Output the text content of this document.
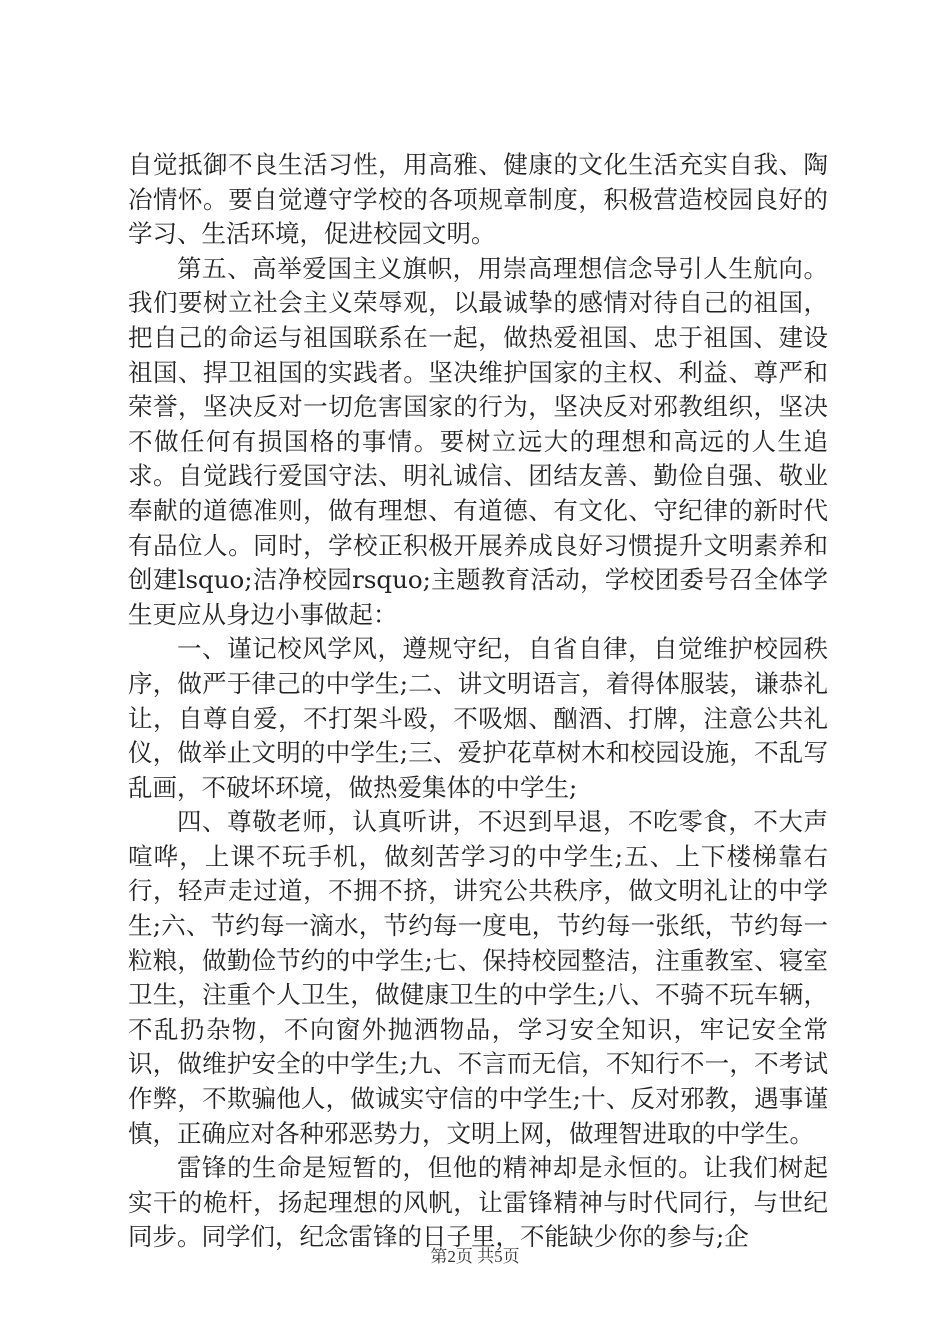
自觉抵御不良生活习性，用高雅、健康的文化生活充实自我、陶冶情怀。要自觉遵守学校的各项规章制度，积极营造校园良好的学习、生活环境，促进校园文明。

第五、高举爱国主义旗帜，用崇高理想信念导引人生航向。我们要树立社会主义荣辱观，以最诚挚的感情对待自己的祖国，把自己的命运与祖国联系在一起，做热爱祖国、忠于祖国、建设祖国、捍卫祖国的实践者。坚决维护国家的主权、利益、尊严和荣誉，坚决反对一切危害国家的行为，坚决反对邪教组织，坚决不做任何有损国格的事情。要树立远大的理想和高远的人生追求。自觉践行爱国守法、明礼诚信、团结友善、勤俭自强、敬业奉献的道德准则，做有理想、有道德、有文化、守纪律的新时代有品位人。同时，学校正积极开展养成良好习惯提升文明素养和创建lsquo;洁净校园rsquo;主题教育活动，学校团委号召全体学生更应从身边小事做起：

一、谨记校风学风，遵规守纪，自省自律，自觉维护校园秩序，做严于律己的中学生;二、讲文明语言，着得体服装，谦恭礼让，自尊自爱，不打架斗殴，不吸烟、酗酒、打牌，注意公共礼仪，做举止文明的中学生;三、爱护花草树木和校园设施，不乱写乱画，不破坏环境，做热爱集体的中学生;

四、尊敬老师，认真听讲，不迟到早退，不吃零食，不大声喧哗，上课不玩手机，做刻苦学习的中学生;五、上下楼梯靠右行，轻声走过道，不拥不挤，讲究公共秩序，做文明礼让的中学生;六、节约每一滴水，节约每一度电，节约每一张纸，节约每一粒粮，做勤俭节约的中学生;七、保持校园整洁，注重教室、寝室卫生，注重个人卫生，做健康卫生的中学生;八、不骑不玩车辆，不乱扔杂物，不向窗外抛洒物品，学习安全知识，牢记安全常识，做维护安全的中学生;九、不言而无信，不知行不一，不考试作弊，不欺骗他人，做诚实守信的中学生;十、反对邪教，遇事谨慎，正确应对各种邪恶势力，文明上网，做理智进取的中学生。

雷锋的生命是短暂的，但他的精神却是永恒的。让我们树起实干的桅杆，扬起理想的风帆，让雷锋精神与时代同行，与世纪同步。同学们，纪念雷锋的日子里，不能缺少你的参与;企

第2页 共5页
